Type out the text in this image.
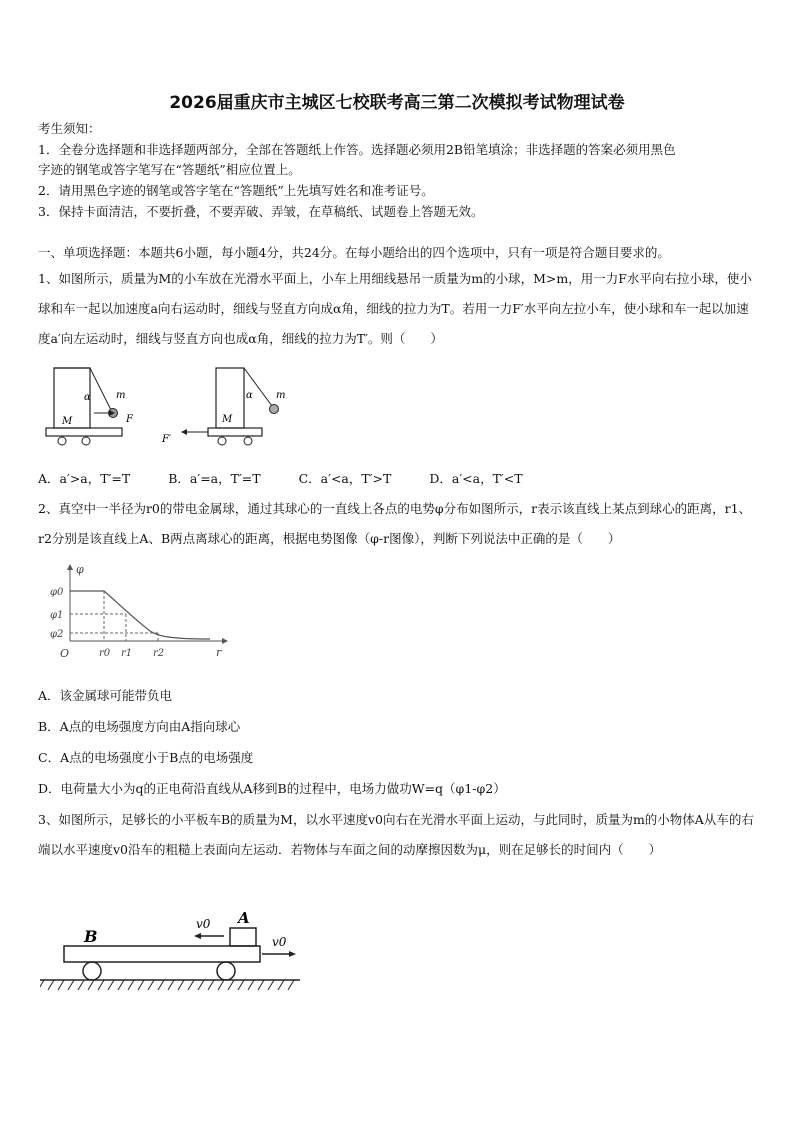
2026届重庆市主城区七校联考高三第二次模拟考试物理试卷
考生须知：
1．全卷分选择题和非选择题两部分，全部在答题纸上作答。选择题必须用2B铅笔填涂；非选择题的答案必须用黑色
字迹的钢笔或答字笔写在“答题纸”相应位置上。
2．请用黑色字迹的钢笔或答字笔在“答题纸”上先填写姓名和准考证号。
3．保持卡面清洁，不要折叠，不要弄破、弄皱，在草稿纸、试题卷上答题无效。
一、单项选择题：本题共6小题，每小题4分，共24分。在每小题给出的四个选项中，只有一项是符合题目要求的。
1、如图所示，质量为M的小车放在光滑水平面上，小车上用细线悬吊一质量为m的小球，M>m，用一力F水平向右拉小球，使小球和车一起以加速度a向右运动时，细线与竖直方向成α角，细线的拉力为T。若用一力F′水平向左拉小车，使小球和车一起以加速度a′向左运动时，细线与竖直方向也成α角，细线的拉力为T′。则（　　）
α	m
M	F
α m
M
F′
A．a′>a，T′=T	B．a′=a，T′=T	C．a′<a，T′>T	D．a′<a，T′<T
2、真空中一半径为r0的带电金属球，通过其球心的一直线上各点的电势φ分布如图所示，r表示该直线上某点到球心的距离，r1、r2分别是该直线上A、B两点离球心的距离，根据电势图像（φ-r图像），判断下列说法中正确的是（　　）
φ
φ0
φ1
φ2
O	r0 r1 r2	r
A．该金属球可能带负电
B．A点的电场强度方向由A指向球心
C．A点的电场强度小于B点的电场强度
D．电荷量大小为q的正电荷沿直线从A移到B的过程中，电场力做功W=q（φ1-φ2）
3、如图所示，足够长的小平板车B的质量为M，以水平速度v0向右在光滑水平面上运动，与此同时，质量为m的小物体A从车的右端以水平速度v0沿车的粗糙上表面向左运动．若物体与车面之间的动摩擦因数为μ，则在足够长的时间内（　　）
B
A
v0
v0
